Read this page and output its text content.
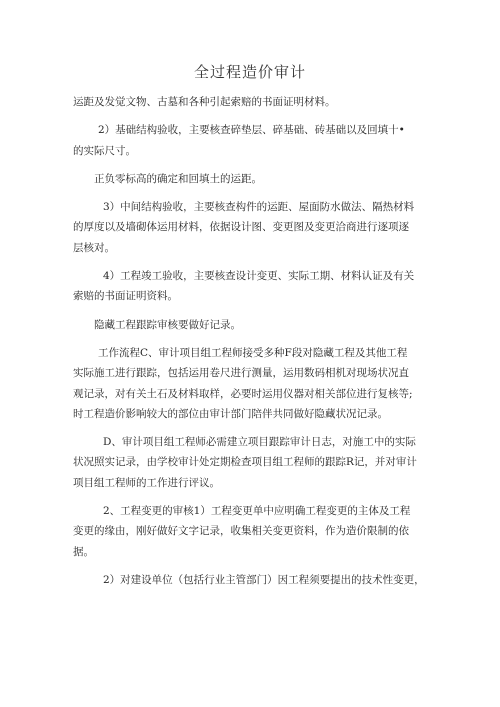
全过程造价审计

运距及发觉文物、古墓和各种引起索赔的书面证明材料。

2）基础结构验收，主要核查碎垫层、碎基础、砖基础以及回填十•

的实际尺寸。

正负零标高的确定和回填土的运距。

3）中间结构验收，主要核查构件的运距、屋面防水做法、隔热材料

的厚度以及墙砌体运用材料，依据设计图、变更图及变更洽商进行逐项逐

层核对。

4）工程竣工验收，主要核查设计变更、实际工期、材料认证及有关

索赔的书面证明资料。

隐藏工程跟踪审核要做好记录。

工作流程C、审计项目组工程师接受多种F段对隐藏工程及其他工程

实际施工进行跟踪，包括运用卷尺进行测量，运用数码相机对现场状况直

观记录，对有关土石及材料取样，必要时运用仪器对相关部位进行复核等;

时工程造价影响较大的部位由审计部门陪伴共同做好隐藏状况记录。

D、审计项目组工程师必需建立项目跟踪审计日志，对施工中的实际

状况照实记录，由学校审计处定期检查项目组工程师的跟踪R记，并对审计

项目组工程师的工作进行评议。

2、工程变更的审核1）工程变更单中应明确工程变更的主体及工程

变更的缘由，刚好做好文字记录，收集相关变更资料，作为造价限制的依

据。

2）对建设单位（包括行业主管部门）因工程须要提出的技术性变更，
